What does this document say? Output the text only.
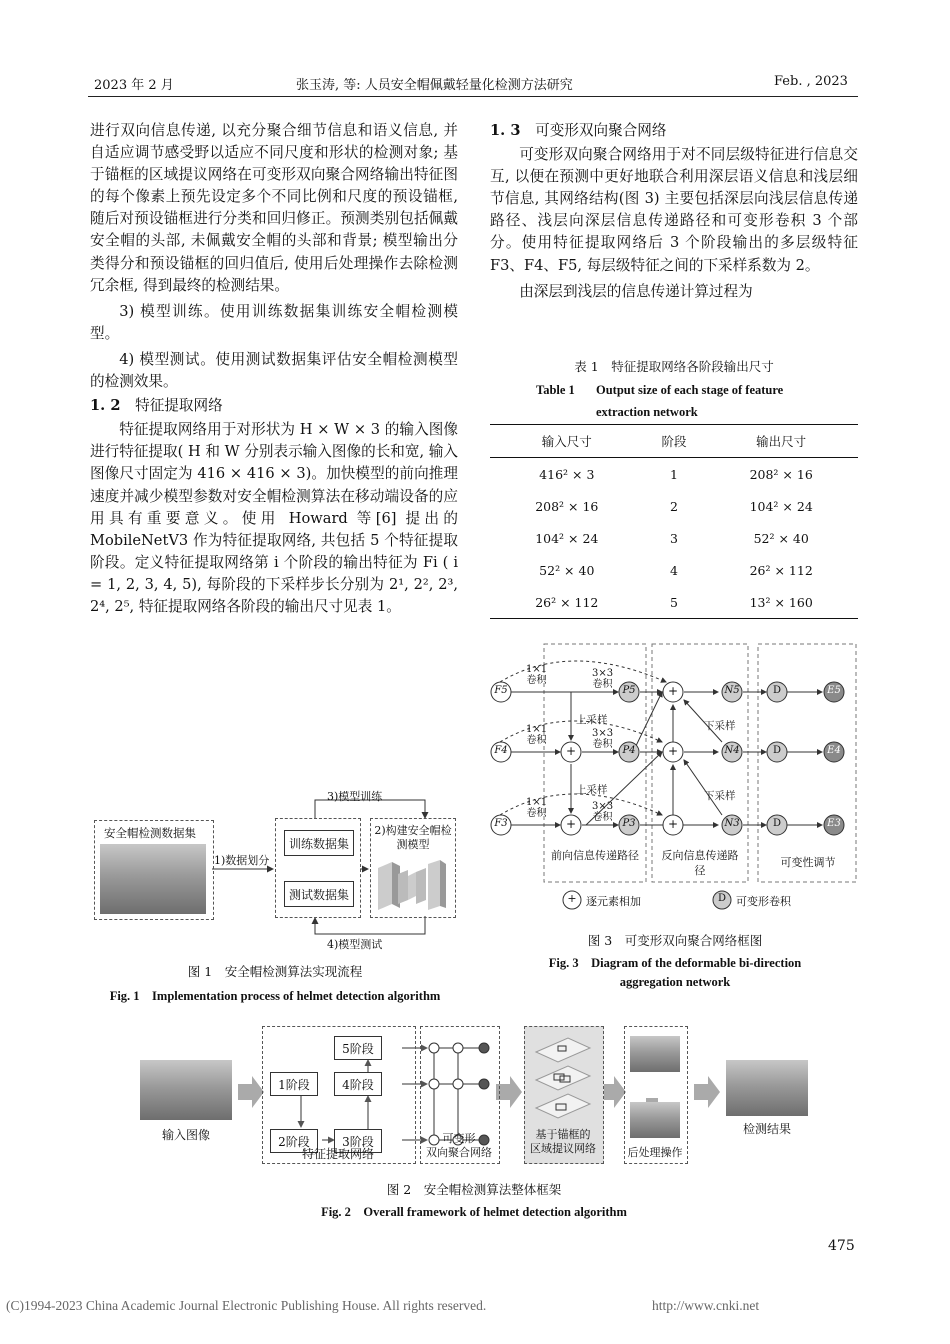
2023 年 2 月	张玉涛, 等: 人员安全帽佩戴轻量化检测方法研究	Feb. , 2023

进行双向信息传递, 以充分聚合细节信息和语义信息, 并自适应调节感受野以适应不同尺度和形状的检测对象; 基于锚框的区域提议网络在可变形双向聚合网络输出特征图的每个像素上预先设定多个不同比例和尺度的预设锚框, 随后对预设锚框进行分类和回归修正。预测类别包括佩戴安全帽的头部, 未佩戴安全帽的头部和背景; 模型输出分类得分和预设锚框的回归值后, 使用后处理操作去除检测冗余框, 得到最终的检测结果。

3) 模型训练。使用训练数据集训练安全帽检测模型。

4) 模型测试。使用测试数据集评估安全帽检测模型的检测效果。

1. 2　 特征提取网络

特征提取网络用于对形状为 H × W × 3 的输入图像进行特征提取( H 和 W 分别表示输入图像的长和宽, 输入图像尺寸固定为 416 × 416 × 3)。加快模型的前向推理速度并减少模型参数对安全帽检测算法在移动端设备的应用具有重要意义。使用 Howard 等[6] 提出的 MobileNetV3 作为特征提取网络, 共包括 5 个特征提取阶段。定义特征提取网络第 i 个阶段的输出特征为 Fi ( i = 1, 2, 3, 4, 5), 每阶段的下采样步长分别为 2¹, 2², 2³, 2⁴, 2⁵, 特征提取网络各阶段的输出尺寸见表 1。

1. 3　 可变形双向聚合网络

可变形双向聚合网络用于对不同层级特征进行信息交互, 以便在预测中更好地联合利用深层语义信息和浅层细节信息, 其网络结构(图 3) 主要包括深层向浅层信息传递路径、浅层向深层信息传递路径和可变形卷积 3 个部分。使用特征提取网络后 3 个阶段输出的多层级特征 F3、F4、F5, 每层级特征之间的下采样系数为 2。

由深层到浅层的信息传递计算过程为

表 1　特征提取网络各阶段输出尺寸
Table 1 Output size of each stage of feature extraction network
输入尺寸	阶段	输出尺寸
416² × 3	1	208² × 16
208² × 16	2	104² × 24
104² × 24	3	52² × 40
52² × 40	4	26² × 112
26² × 112	5	13² × 160
3)模型训练
安全帽检测数据集
1)数据划分
训练数据集
测试数据集
2)构建安全帽检测模型
4)模型测试
图 1　安全帽检测算法实现流程
Fig. 1　Implementation process of helmet detection algorithm
F5
F4
F3
P5
P4
P3
N5
N4
N3
E5
E4
E3
D
D
D
+
+
+
+
+
1×1
卷积
1×1
卷积
1×1
卷积
3×3
卷积
3×3
卷积
3×3
卷积
上采样
上采样
下采样
下采样
前向信息传递路径	反向信息传递路径
可变性调节
+ 逐元素相加	D 可变形卷积
图 3　可变形双向聚合网络框图
Fig. 3　Diagram of the deformable bi-direction
aggregation network
输入图像
5阶段
1阶段	4阶段
2阶段	3阶段
特征提取网络
可变形
双向聚合网络
基于锚框的
区域提议网络	后处理操作
检测结果
图 2　安全帽检测算法整体框架
Fig. 2　Overall framework of helmet detection algorithm
475
(C)1994-2023 China Academic Journal Electronic Publishing House. All rights reserved.	http://www.cnki.net
